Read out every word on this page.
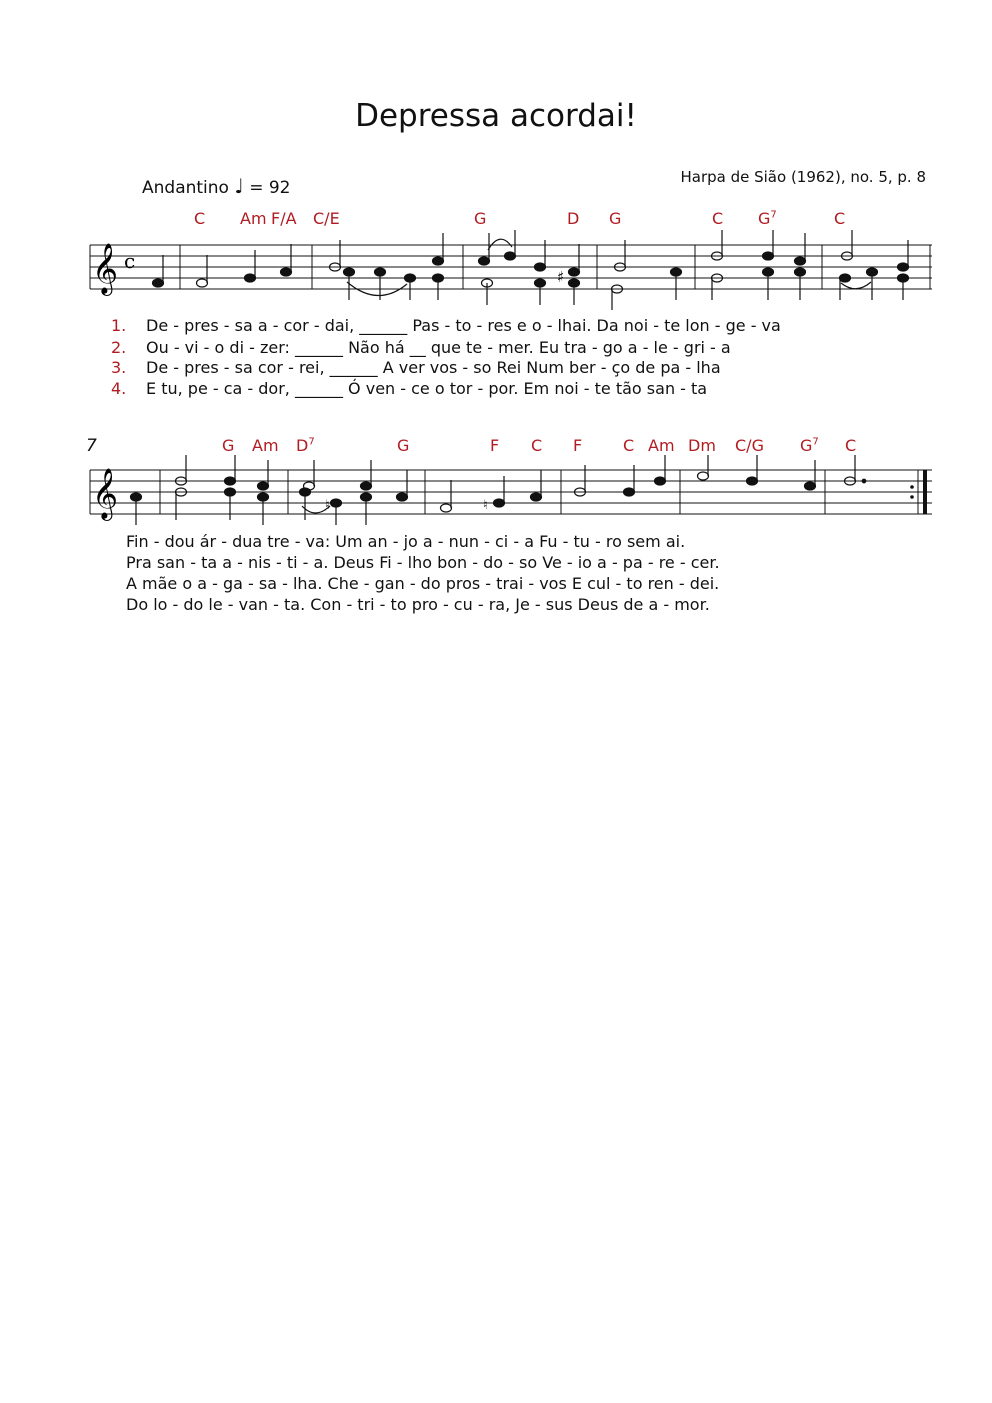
Depressa acordai!
Andantino ♩ = 92
Harpa de Sião (1962), no. 5, p. 8
C Am F/A C/E	G	D G	C $G^7$	C
𝄞 c
♯
1. De - pres - sa a - cor - dai, ______ Pas - to - res e o - lhai. Da noi - te lon - ge - va
2. Ou - vi - o di - zer: ______ Não há __ que te - mer. Eu tra - go a - le - gri - a
3. De - pres - sa cor - rei, ______ A ver vos - so Rei Num ber - ço de pa - lha
4. E tu, pe - ca - dor, ______ Ó ven - ce o tor - por. Em noi - te tão san - ta
7	G Am $D^7$	G	F C F	C Am Dm C/G $G^7$ C
𝄞	♮	♮
Fin - dou ár - dua tre - va: Um an - jo a - nun - ci - a Fu - tu - ro sem ai.
Pra san - ta a - nis - ti - a. Deus Fi - lho bon - do - so Ve - io a - pa - re - cer.
A mãe o a - ga - sa - lha. Che - gan - do pros - trai - vos E cul - to ren - dei.
Do lo - do le - van - ta. Con - tri - to pro - cu - ra, Je - sus Deus de a - mor.
